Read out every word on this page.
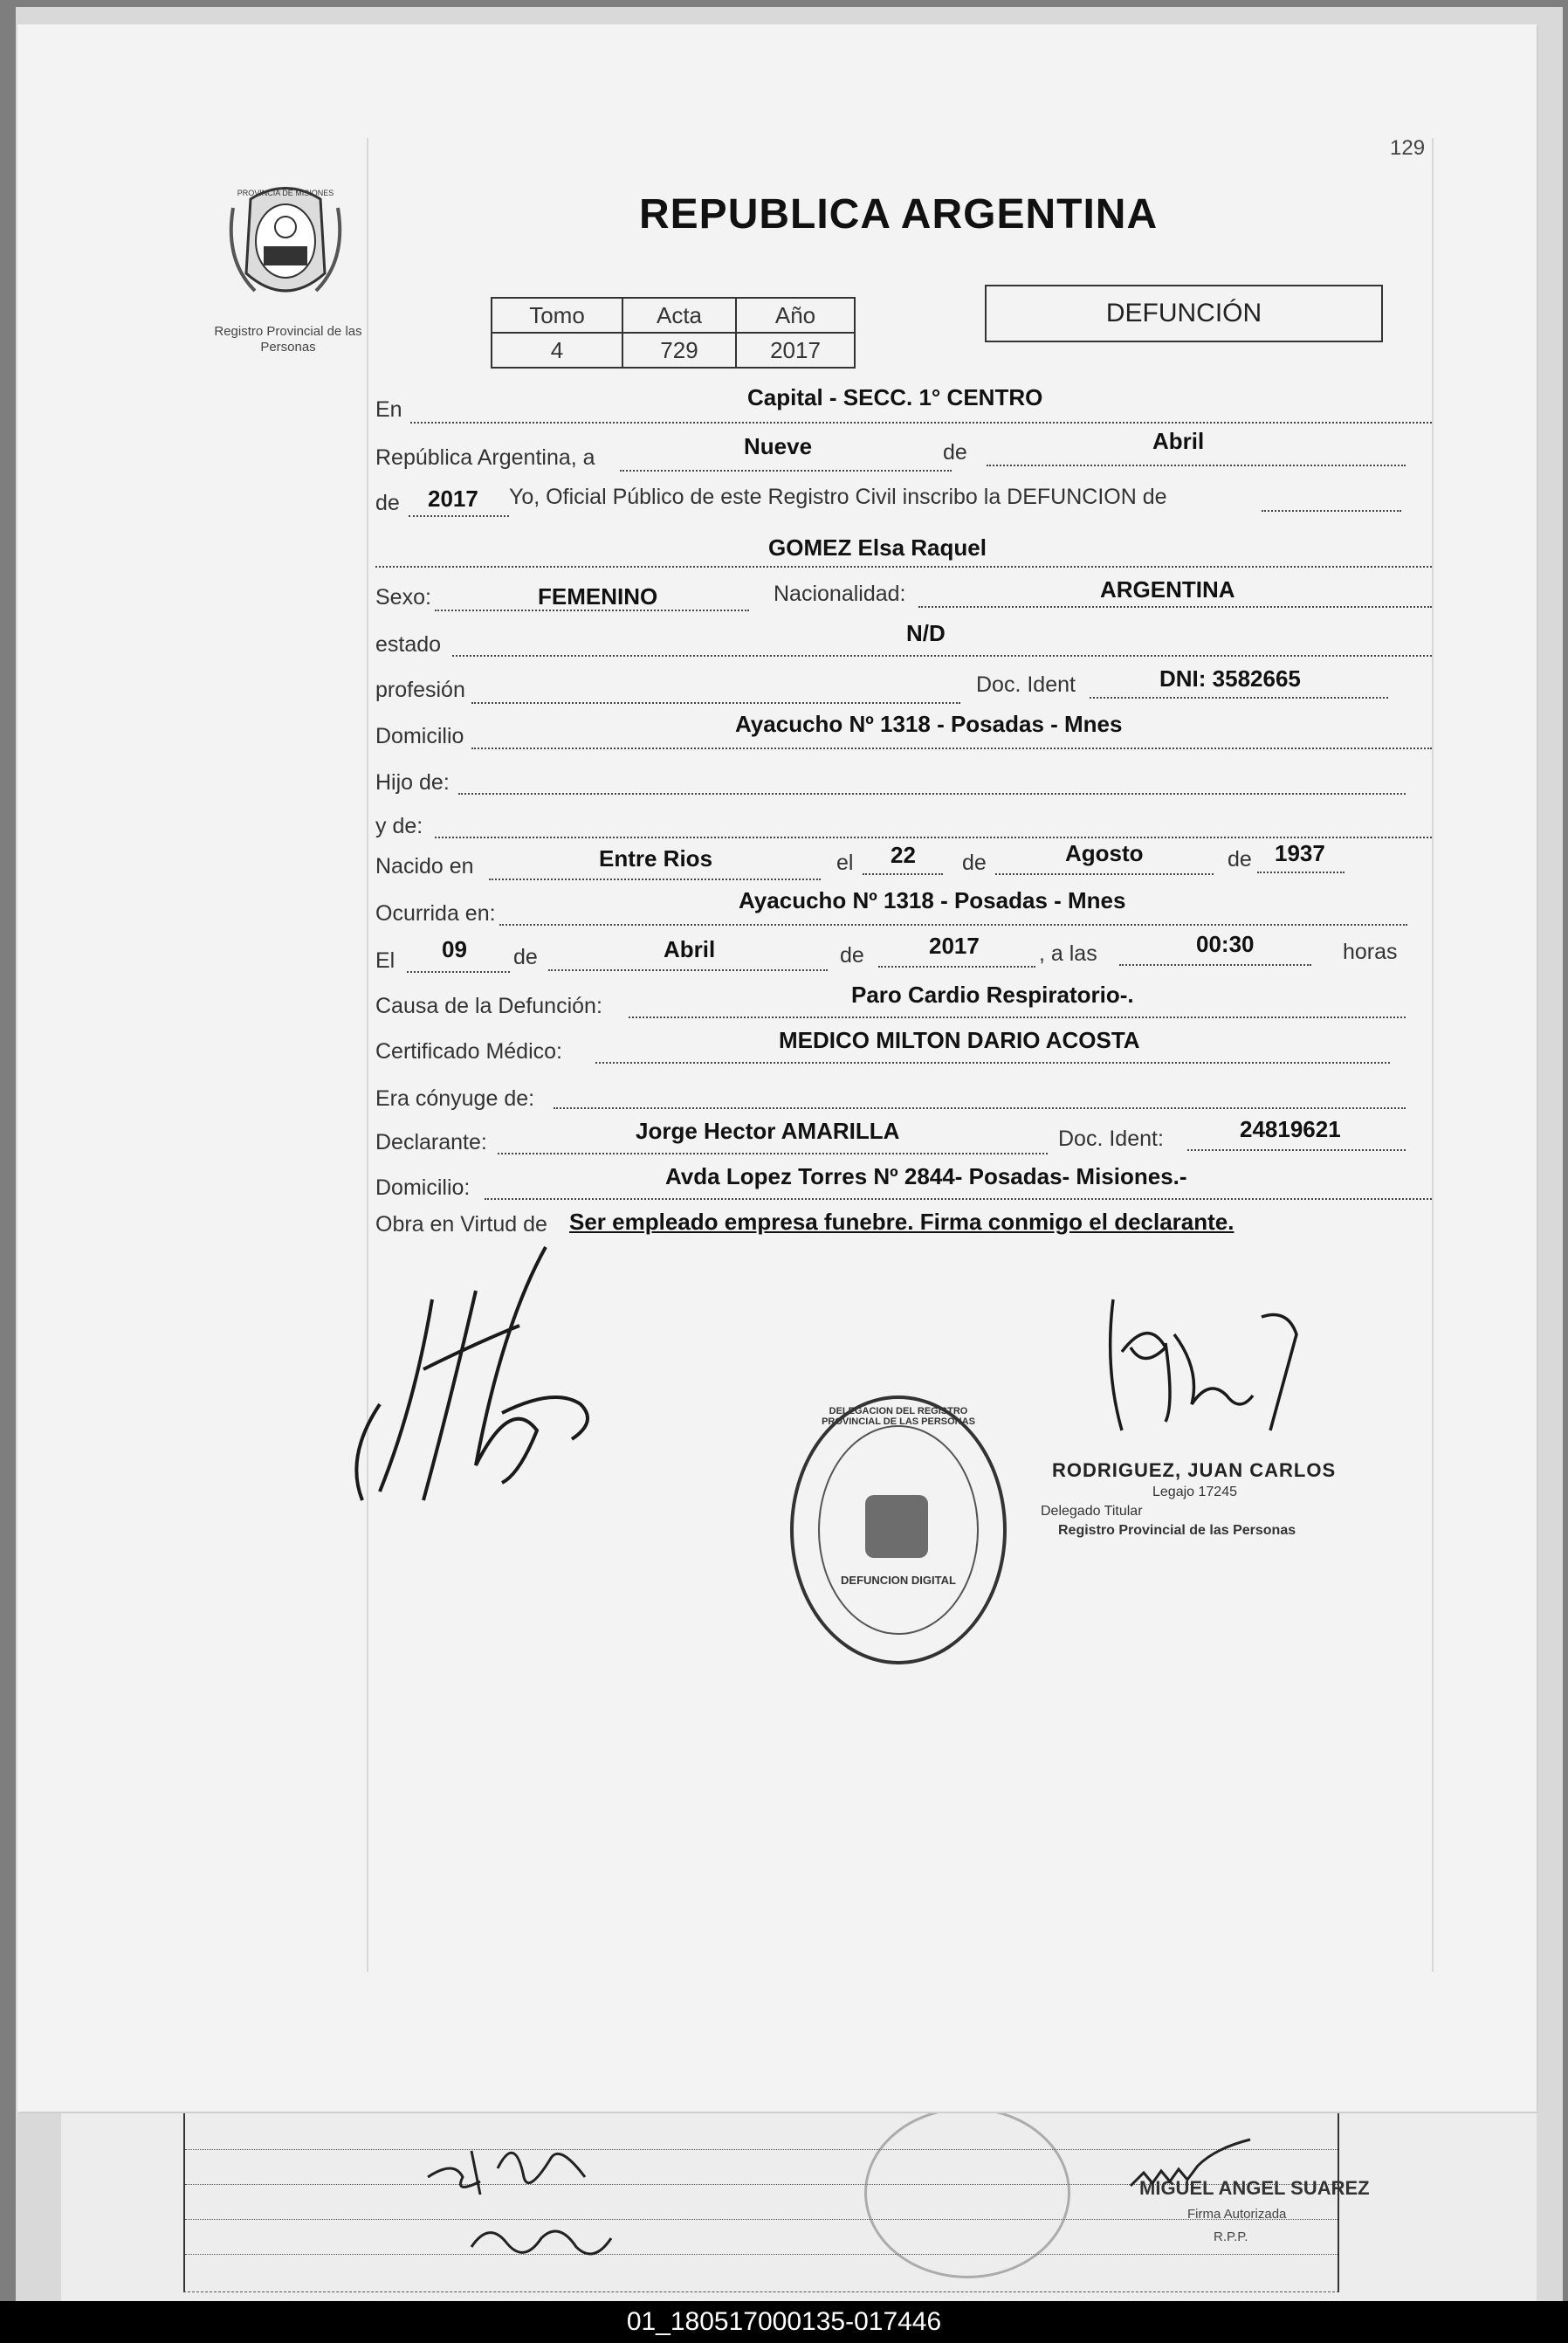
MIGUEL ANGEL SUAREZ
Firma Autorizada
R.P.P.
129
PROVINCIA DE MISIONES
Registro Provincial de las Personas
REPUBLICA ARGENTINA
Tomo	Acta	Año
4	729	2017
DEFUNCIÓN
En	Capital - SECC. 1° CENTRO
República Argentina, a	Nueve	de	Abril
de 2017 Yo, Oficial Público de este Registro Civil inscribo la DEFUNCION de
GOMEZ Elsa Raquel
Sexo:	FEMENINO	Nacionalidad:	ARGENTINA
estado	N/D
profesión	Doc. Ident	DNI: 3582665
Domicilio	Ayacucho Nº 1318 - Posadas - Mnes
Hijo de:
y de:
Nacido en	Entre Rios	el 22 de	Agosto	de 1937
Ocurrida en:	Ayacucho Nº 1318 - Posadas - Mnes
El 09 de	Abril	de	2017	, a las	00:30	horas
Causa de la Defunción:	Paro Cardio Respiratorio-.
Certificado Médico:	MEDICO MILTON DARIO ACOSTA
Era cónyuge de:
Declarante:	Jorge Hector AMARILLA	Doc. Ident:	24819621
Domicilio:	Avda Lopez Torres Nº 2844- Posadas- Misiones.-
Obra en Virtud de Ser empleado empresa funebre. Firma conmigo el declarante.
DELEGACION DEL REGISTRO PROVINCIAL DE LAS PERSONAS
DEFUNCION DIGITAL
RODRIGUEZ, JUAN CARLOS
Legajo 17245
Delegado Titular
Registro Provincial de las Personas
01_180517000135-017446
